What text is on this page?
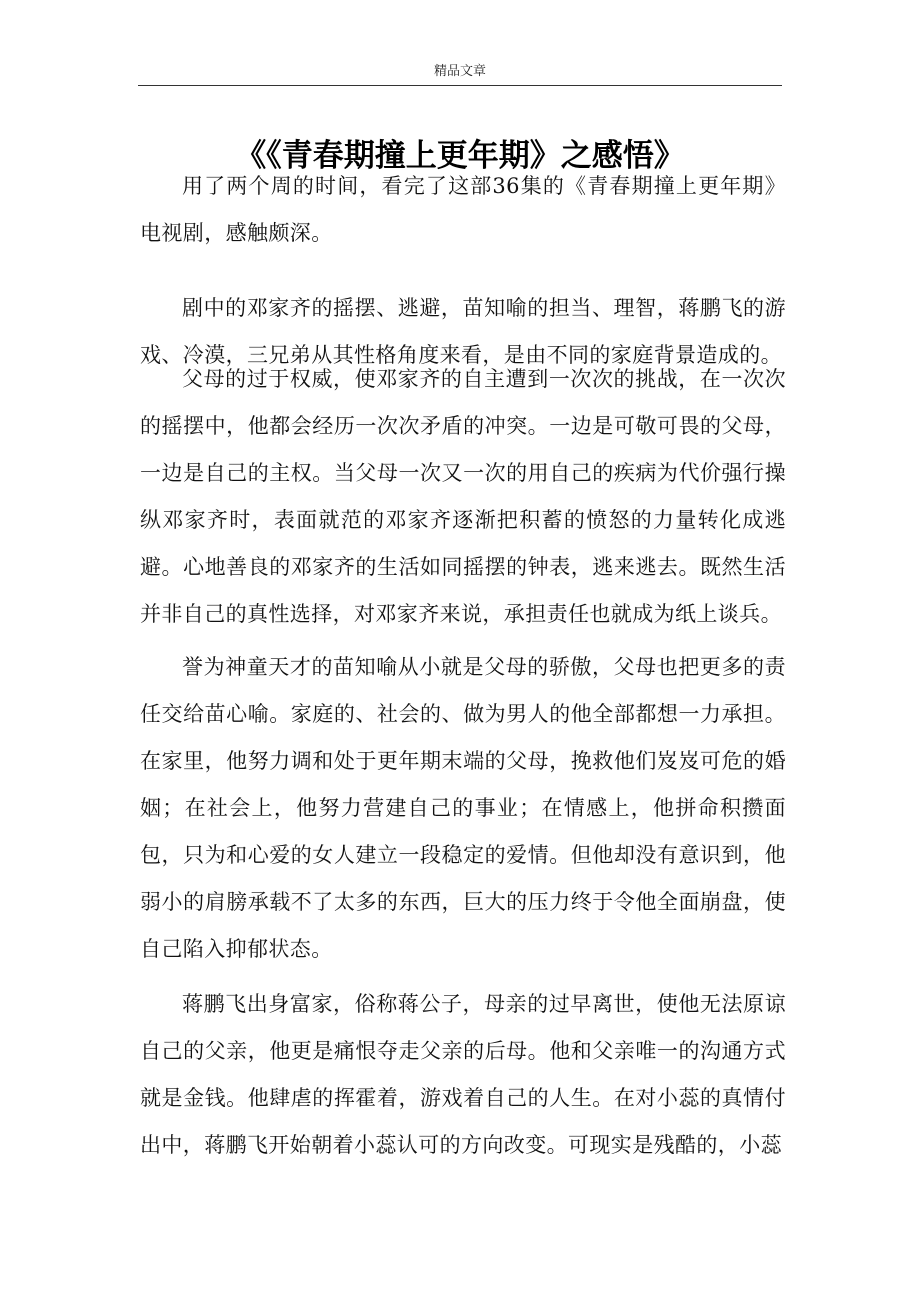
精品文章
《《青春期撞上更年期》之感悟》

用了两个周的时间，看完了这部36集的《青春期撞上更年期》电视剧，感触颇深。

剧中的邓家齐的摇摆、逃避，苗知喻的担当、理智，蒋鹏飞的游戏、冷漠，三兄弟从其性格角度来看，是由不同的家庭背景造成的。

父母的过于权威，使邓家齐的自主遭到一次次的挑战，在一次次的摇摆中，他都会经历一次次矛盾的冲突。一边是可敬可畏的父母，一边是自己的主权。当父母一次又一次的用自己的疾病为代价强行操纵邓家齐时，表面就范的邓家齐逐渐把积蓄的愤怒的力量转化成逃避。心地善良的邓家齐的生活如同摇摆的钟表，逃来逃去。既然生活并非自己的真性选择，对邓家齐来说，承担责任也就成为纸上谈兵。

誉为神童天才的苗知喻从小就是父母的骄傲，父母也把更多的责任交给苗心喻。家庭的、社会的、做为男人的他全部都想一力承担。在家里，他努力调和处于更年期末端的父母，挽救他们岌岌可危的婚姻；在社会上，他努力营建自己的事业；在情感上，他拼命积攒面包，只为和心爱的女人建立一段稳定的爱情。但他却没有意识到，他弱小的肩膀承载不了太多的东西，巨大的压力终于令他全面崩盘，使自己陷入抑郁状态。

蒋鹏飞出身富家，俗称蒋公子，母亲的过早离世，使他无法原谅自己的父亲，他更是痛恨夺走父亲的后母。他和父亲唯一的沟通方式就是金钱。他肆虐的挥霍着，游戏着自己的人生。在对小蕊的真情付出中，蒋鹏飞开始朝着小蕊认可的方向改变。可现实是残酷的，小蕊
